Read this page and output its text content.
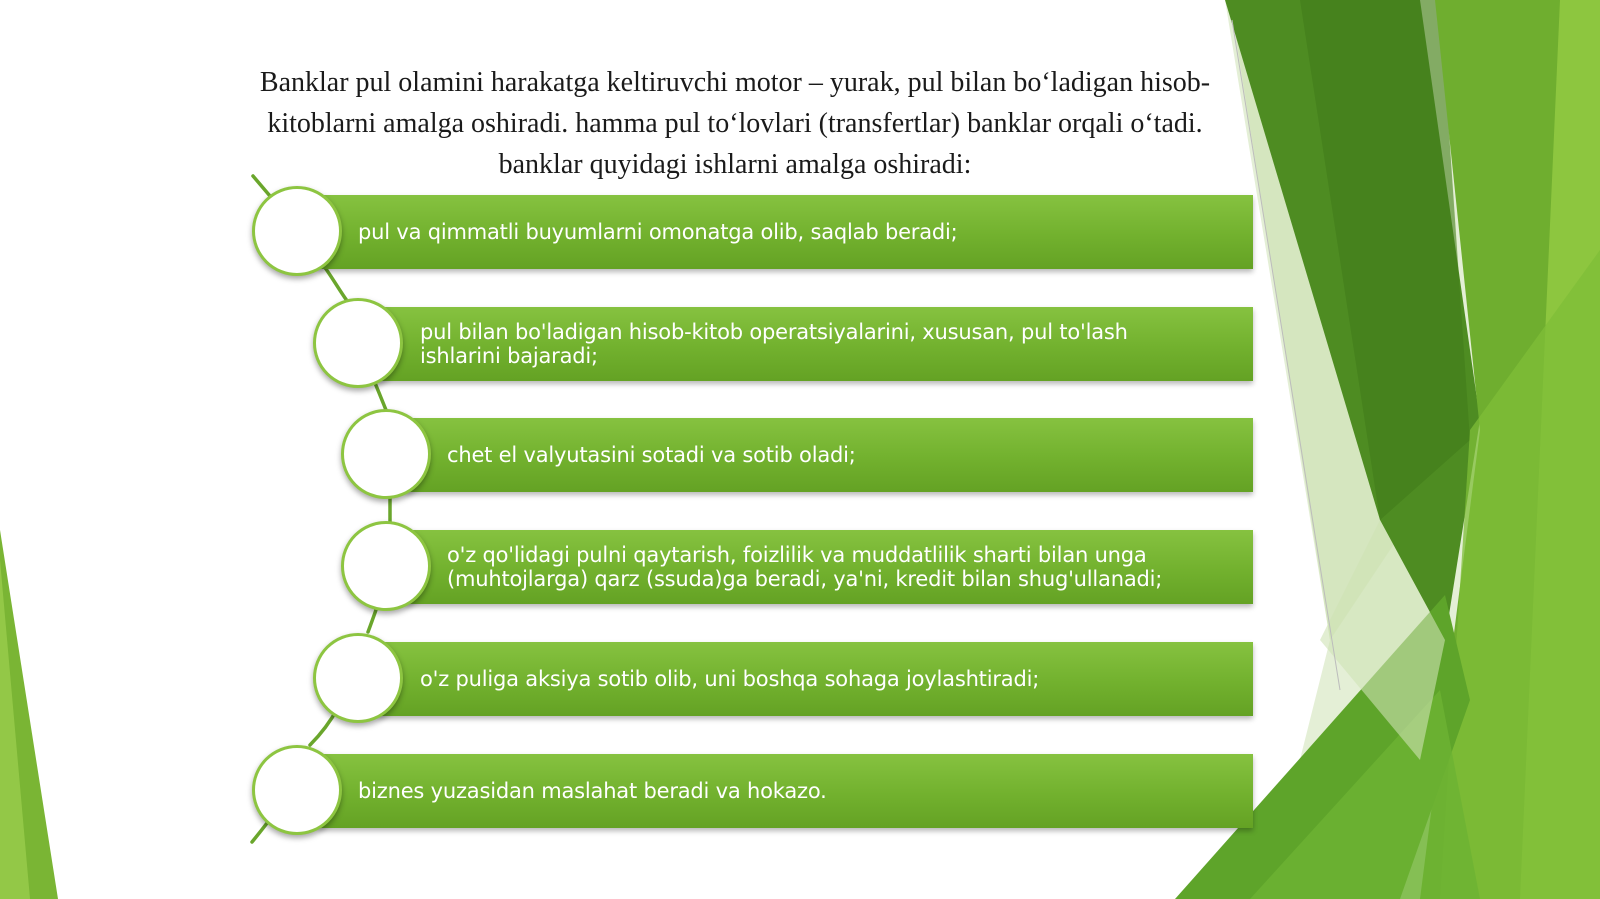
Banklar pul olamini harakatga keltiruvchi motor – yurak, pul bilan bo‘ladigan hisob-kitoblarni amalga oshiradi. hamma pul to‘lovlari (transfertlar) banklar orqali o‘tadi. banklar quyidagi ishlarni amalga oshiradi:

pul va qimmatli buyumlarni omonatga olib, saqlab beradi;
pul bilan bo'ladigan hisob-kitob operatsiyalarini, xususan, pul to'lash ishlarini bajaradi;
chet el valyutasini sotadi va sotib oladi;
o'z qo'lidagi pulni qaytarish, foizlilik va muddatlilik sharti bilan unga (muhtojlarga) qarz (ssuda)ga beradi, ya'ni, kredit bilan shug'ullanadi;
o'z puliga aksiya sotib olib, uni boshqa sohaga joylashtiradi;
biznes yuzasidan maslahat beradi va hokazo.
